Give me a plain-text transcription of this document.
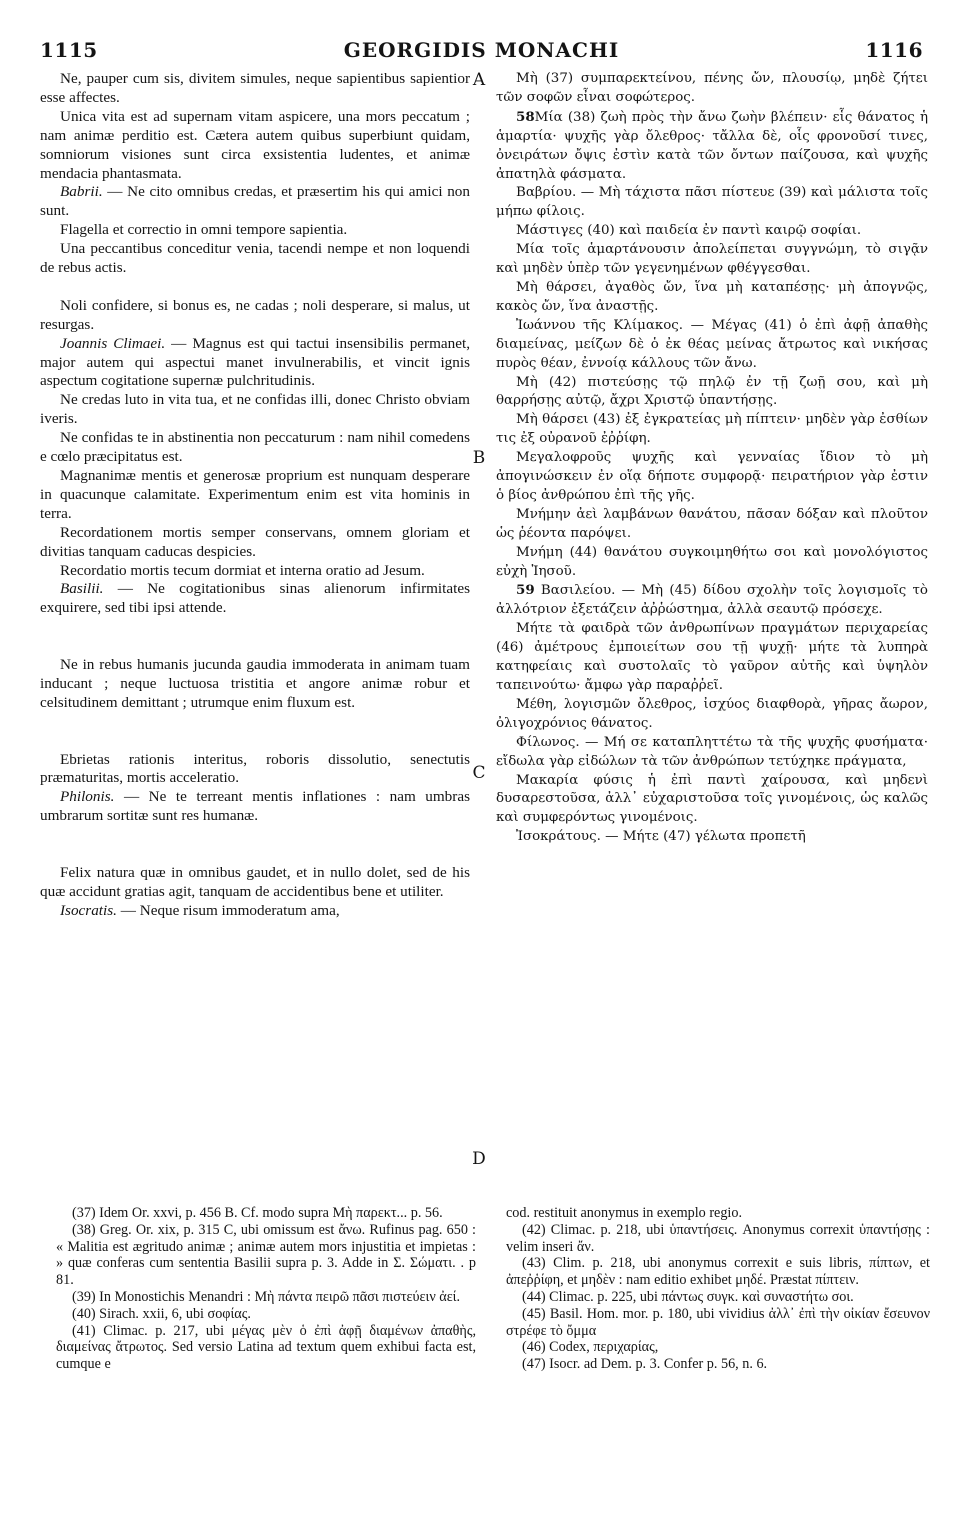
1115	GEORGIDIS MONACHI	1116

Ne, pauper cum sis, divitem simules, neque sapientibus sapientior esse affectes.

Unica vita est ad supernam vitam aspicere, una mors peccatum ; nam animæ perditio est. Cætera autem quibus superbiunt quidam, somniorum visiones sunt circa exsistentia ludentes, et animæ mendacia phantasmata.

Babrii. — Ne cito omnibus credas, et præsertim his qui amici non sunt.

Flagella et correctio in omni tempore sapientia.

Una peccantibus conceditur venia, tacendi nempe et non loquendi de rebus actis.

Noli confidere, si bonus es, ne cadas ; noli desperare, si malus, ut resurgas.

Joannis Climaei. — Magnus est qui tactui insensibilis permanet, major autem qui aspectui manet invulnerabilis, et vincit ignis aspectum cogitatione supernæ pulchritudinis.

Ne credas luto in vita tua, et ne confidas illi, donec Christo obviam iveris.

Ne confidas te in abstinentia non peccaturum : nam nihil comedens e cœlo præcipitatus est.

Magnanimæ mentis et generosæ proprium est nunquam desperare in quacunque calamitate. Experimentum enim est vita hominis in terra.

Recordationem mortis semper conservans, omnem gloriam et divitias tanquam caducas despicies.

Recordatio mortis tecum dormiat et interna oratio ad Jesum.

Basilii. — Ne cogitationibus sinas alienorum infirmitates exquirere, sed tibi ipsi attende.

Ne in rebus humanis jucunda gaudia immoderata in animam tuam inducant ; neque luctuosa tristitia et angore animæ robur et celsitudinem demittant ; utrumque enim fluxum est.

Ebrietas rationis interitus, roboris dissolutio, senectutis præmaturitas, mortis acceleratio.

Philonis. — Ne te terreant mentis inflationes : nam umbras umbrarum sortitæ sunt res humanæ.

Felix natura quæ in omnibus gaudet, et in nullo dolet, sed de his quæ accidunt gratias agit, tanquam de accidentibus bene et utiliter.

Isocratis. — Neque risum immoderatum ama,

Μὴ (37) συμπαρεκτείνου, πένης ὤν, πλουσίῳ, μηδὲ ζήτει τῶν σοφῶν εἶναι σοφώτερος.

58Μία (38) ζωὴ πρὸς τὴν ἄνω ζωὴν βλέπειν· εἷς θάνατος ἡ ἁμαρτία· ψυχῆς γὰρ ὄλεθρος· τἄλλα δὲ, οἷς φρονοῦσί τινες, ὀνειράτων ὄψις ἐστὶν κατὰ τῶν ὄντων παίζουσα, καὶ ψυχῆς ἀπατηλὰ φάσματα.

Βαβρίου. — Μὴ τάχιστα πᾶσι πίστευε (39) καὶ μάλιστα τοῖς μήπω φίλοις.

Μάστιγες (40) καὶ παιδεία ἐν παντὶ καιρῷ σοφίαι.

Μία τοῖς ἁμαρτάνουσιν ἀπολείπεται συγγνώμη, τὸ σιγᾷν καὶ μηδὲν ὑπὲρ τῶν γεγενημένων φθέγγεσθαι.

Μὴ θάρσει, ἀγαθὸς ὤν, ἵνα μὴ καταπέσῃς· μὴ ἀπογνῷς, κακὸς ὤν, ἵνα ἀναστῇς.

Ἰωάννου τῆς Κλίμακος. — Μέγας (41) ὁ ἐπὶ ἀφῇ ἀπαθὴς διαμείνας, μείζων δὲ ὁ ἐκ θέας μείνας ἄτρωτος καὶ νικήσας πυρὸς θέαν, ἐννοίᾳ κάλλους τῶν ἄνω.

Μὴ (42) πιστεύσῃς τῷ πηλῷ ἐν τῇ ζωῇ σου, καὶ μὴ θαρρήσῃς αὐτῷ, ἄχρι Χριστῷ ὑπαντήσῃς.

Μὴ θάρσει (43) ἐξ ἐγκρατείας μὴ πίπτειν· μηδὲν γὰρ ἐσθίων τις ἐξ οὐρανοῦ ἐῤῥίφη.

Μεγαλοφροῦς ψυχῆς καὶ γενναίας ἴδιον τὸ μὴ ἀπογινώσκειν ἐν οἵᾳ δήποτε συμφορᾷ· πειρατήριον γὰρ ἐστιν ὁ βίος ἀνθρώπου ἐπὶ τῆς γῆς.

Μνήμην ἀεὶ λαμβάνων θανάτου, πᾶσαν δόξαν καὶ πλοῦτον ὡς ῥέοντα παρόψει.

Μνήμη (44) θανάτου συγκοιμηθήτω σοι καὶ μονολόγιστος εὐχὴ Ἰησοῦ.

59 Βασιλείου. — Μὴ (45) δίδου σχολὴν τοῖς λογισμοῖς τὸ ἀλλότριον ἐξετάζειν ἀῤῥώστημα, ἀλλὰ σεαυτῷ πρόσεχε.

Μήτε τὰ φαιδρὰ τῶν ἀνθρωπίνων πραγμάτων περιχαρείας (46) ἀμέτρους ἐμποιείτων σου τῇ ψυχῇ· μήτε τὰ λυπηρὰ κατηφείαις καὶ συστολαῖς τὸ γαῦρον αὐτῆς καὶ ὑψηλὸν ταπεινούτω· ἄμφω γὰρ παραῤῥεῖ.

Μέθη, λογισμῶν ὄλεθρος, ἰσχύος διαφθορὰ, γῆρας ἄωρον, ὀλιγοχρόνιος θάνατος.

Φίλωνος. — Μή σε καταπληττέτω τὰ τῆς ψυχῆς φυσήματα· εἴδωλα γὰρ εἰδώλων τὰ τῶν ἀνθρώπων τετύχηκε πράγματα,

Μακαρία φύσις ἡ ἐπὶ παντὶ χαίρουσα, καὶ μηδενὶ δυσαρεστοῦσα, ἀλλ᾽ εὐχαριστοῦσα τοῖς γινομένοις, ὡς καλῶς καὶ συμφερόντως γινομένοις.

Ἰσοκράτους. — Μήτε (47) γέλωτα προπετῆ

A
B
C
D
(37) Idem Or. xxvi, p. 456 B. Cf. modo supra Μὴ παρεκτ... p. 56.
(38) Greg. Or. xix, p. 315 C, ubi omissum est ἄνω. Rufinus pag. 650 : « Malitia est ægritudo animæ ; animæ autem mors injustitia et impietas : » quæ conferas cum sententia Basilii supra p. 3. Adde in Σ. Σώματι. . p 81.
(39) In Monostichis Menandri : Μὴ πάντα πειρῶ πᾶσι πιστεύειν ἀεί.
(40) Sirach. xxii, 6, ubi σοφίας.
(41) Climac. p. 217, ubi μέγας μὲν ὁ ἐπὶ ἀφῇ διαμένων ἀπαθὴς, διαμείνας ἄτρωτος. Sed versio Latina ad textum quem exhibui facta est, cumque e
cod. restituit anonymus in exemplo regio.
(42) Climac. p. 218, ubi ὑπαντήσεις. Anonymus correxit ὑπαντήσῃς : velim inseri ἄν.
(43) Clim. p. 218, ubi anonymus correxit e suis libris, πίπτων, et ἀπεῤῥίφη, et μηδὲν : nam editio exhibet μηδέ. Præstat πίπτειν.
(44) Climac. p. 225, ubi πάντως συγκ. καὶ συναστήτω σοι.
(45) Basil. Hom. mor. p. 180, ubi vividius ἀλλ᾽ ἐπὶ τὴν οἰκίαν ἔσευνον στρέφε τὸ ὄμμα
(46) Codex, περιχαρίας,
(47) Isocr. ad Dem. p. 3. Confer p. 56, n. 6.
